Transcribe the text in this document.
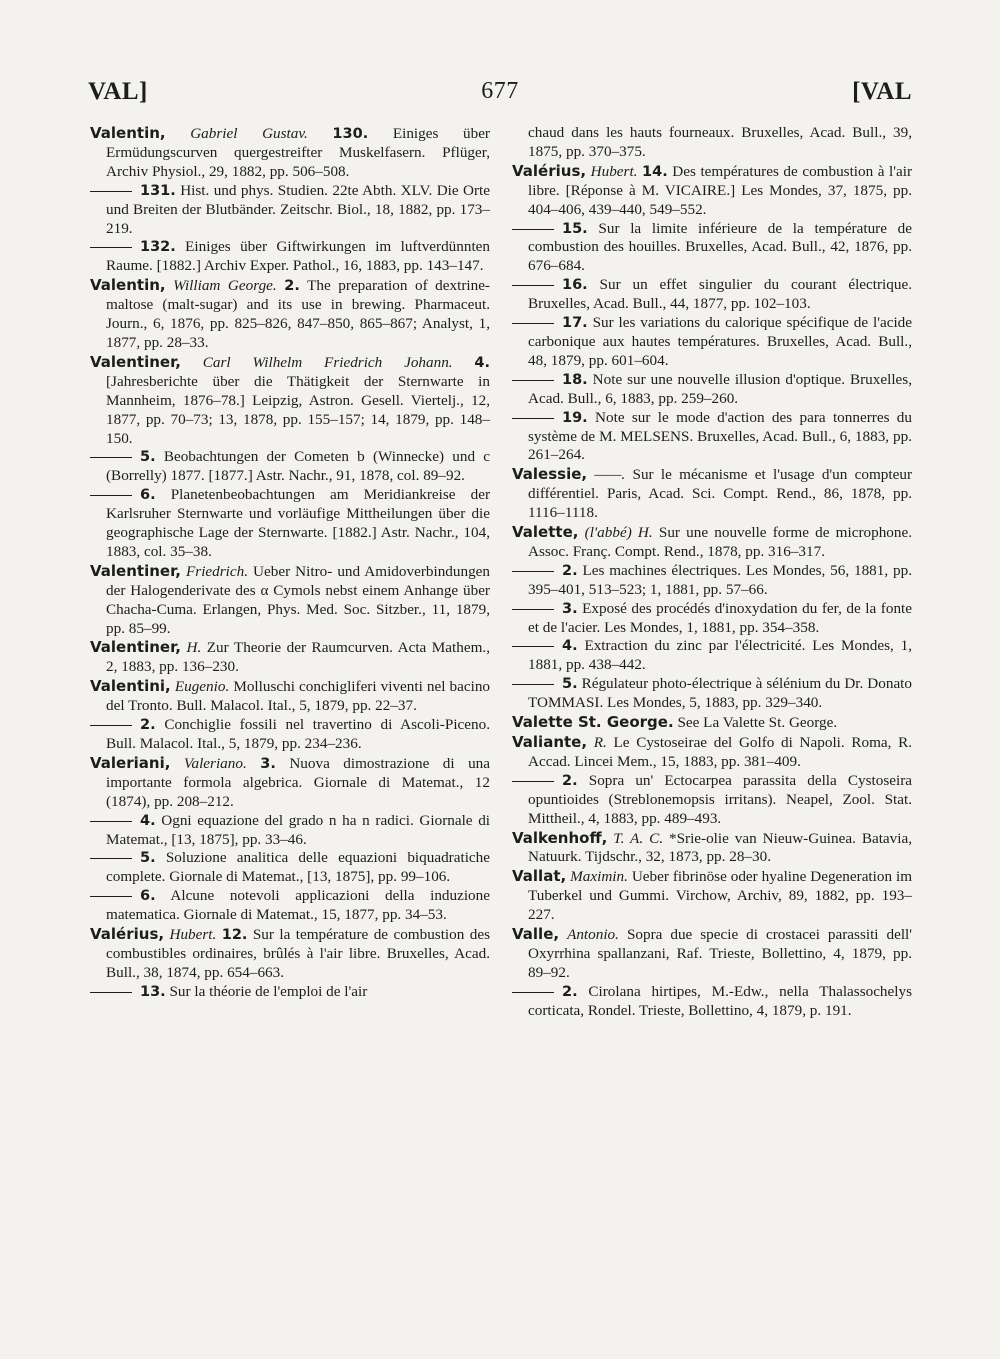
677
VAL]	[VAL

Valentin, Gabriel Gustav. 130. Einiges über Ermüdungscurven quergestreifter Muskelfasern. Pflüger, Archiv Physiol., 29, 1882, pp. 506–508.

131. Hist. und phys. Studien. 22te Abth. XLV. Die Orte und Breiten der Blutbänder. Zeitschr. Biol., 18, 1882, pp. 173–219.

132. Einiges über Giftwirkungen im luftverdünnten Raume. [1882.] Archiv Exper. Pathol., 16, 1883, pp. 143–147.

Valentin, William George. 2. The preparation of dextrine-maltose (malt-sugar) and its use in brewing. Pharmaceut. Journ., 6, 1876, pp. 825–826, 847–850, 865–867; Analyst, 1, 1877, pp. 28–33.

Valentiner, Carl Wilhelm Friedrich Johann. 4. [Jahresberichte über die Thätigkeit der Sternwarte in Mannheim, 1876–78.] Leipzig, Astron. Gesell. Viertelj., 12, 1877, pp. 70–73; 13, 1878, pp. 155–157; 14, 1879, pp. 148–150.

5. Beobachtungen der Cometen b (Winnecke) und c (Borrelly) 1877. [1877.] Astr. Nachr., 91, 1878, col. 89–92.

6. Planetenbeobachtungen am Meridiankreise der Karlsruher Sternwarte und vorläufige Mittheilungen über die geographische Lage der Sternwarte. [1882.] Astr. Nachr., 104, 1883, col. 35–38.

Valentiner, Friedrich. Ueber Nitro- und Amidoverbindungen der Halogenderivate des α Cymols nebst einem Anhange über Chacha-Cuma. Erlangen, Phys. Med. Soc. Sitzber., 11, 1879, pp. 85–99.

Valentiner, H. Zur Theorie der Raumcurven. Acta Mathem., 2, 1883, pp. 136–230.

Valentini, Eugenio. Molluschi conchigliferi viventi nel bacino del Tronto. Bull. Malacol. Ital., 5, 1879, pp. 22–37.

2. Conchiglie fossili nel travertino di Ascoli-Piceno. Bull. Malacol. Ital., 5, 1879, pp. 234–236.

Valeriani, Valeriano. 3. Nuova dimostrazione di una importante formola algebrica. Giornale di Matemat., 12 (1874), pp. 208–212.

4. Ogni equazione del grado n ha n radici. Giornale di Matemat., [13, 1875], pp. 33–46.

5. Soluzione analitica delle equazioni biquadratiche complete. Giornale di Matemat., [13, 1875], pp. 99–106.

6. Alcune notevoli applicazioni della induzione matematica. Giornale di Matemat., 15, 1877, pp. 34–53.

Valérius, Hubert. 12. Sur la température de combustion des combustibles ordinaires, brûlés à l'air libre. Bruxelles, Acad. Bull., 38, 1874, pp. 654–663.

13. Sur la théorie de l'emploi de l'air

chaud dans les hauts fourneaux. Bruxelles, Acad. Bull., 39, 1875, pp. 370–375.

Valérius, Hubert. 14. Des températures de combustion à l'air libre. [Réponse à M. VICAIRE.] Les Mondes, 37, 1875, pp. 404–406, 439–440, 549–552.

15. Sur la limite inférieure de la température de combustion des houilles. Bruxelles, Acad. Bull., 42, 1876, pp. 676–684.

16. Sur un effet singulier du courant électrique. Bruxelles, Acad. Bull., 44, 1877, pp. 102–103.

17. Sur les variations du calorique spécifique de l'acide carbonique aux hautes températures. Bruxelles, Acad. Bull., 48, 1879, pp. 601–604.

18. Note sur une nouvelle illusion d'optique. Bruxelles, Acad. Bull., 6, 1883, pp. 259–260.

19. Note sur le mode d'action des para tonnerres du système de M. MELSENS. Bruxelles, Acad. Bull., 6, 1883, pp. 261–264.

Valessie, ——. Sur le mécanisme et l'usage d'un compteur différentiel. Paris, Acad. Sci. Compt. Rend., 86, 1878, pp. 1116–1118.

Valette, (l'abbé) H. Sur une nouvelle forme de microphone. Assoc. Franç. Compt. Rend., 1878, pp. 316–317.

2. Les machines électriques. Les Mondes, 56, 1881, pp. 395–401, 513–523; 1, 1881, pp. 57–66.

3. Exposé des procédés d'inoxydation du fer, de la fonte et de l'acier. Les Mondes, 1, 1881, pp. 354–358.

4. Extraction du zinc par l'électricité. Les Mondes, 1, 1881, pp. 438–442.

5. Régulateur photo-électrique à sélénium du Dr. Donato TOMMASI. Les Mondes, 5, 1883, pp. 329–340.

Valette St. George. See La Valette St. George.

Valiante, R. Le Cystoseirae del Golfo di Napoli. Roma, R. Accad. Lincei Mem., 15, 1883, pp. 381–409.

2. Sopra un' Ectocarpea parassita della Cystoseira opuntioides (Streblonemopsis irritans). Neapel, Zool. Stat. Mittheil., 4, 1883, pp. 489–493.

Valkenhoff, T. A. C. *Srie-olie van Nieuw-Guinea. Batavia, Natuurk. Tijdschr., 32, 1873, pp. 28–30.

Vallat, Maximin. Ueber fibrinöse oder hyaline Degeneration im Tuberkel und Gummi. Virchow, Archiv, 89, 1882, pp. 193–227.

Valle, Antonio. Sopra due specie di crostacei parassiti dell' Oxyrrhina spallanzani, Raf. Trieste, Bollettino, 4, 1879, pp. 89–92.

2. Cirolana hirtipes, M.-Edw., nella Thalassochelys corticata, Rondel. Trieste, Bollettino, 4, 1879, p. 191.
